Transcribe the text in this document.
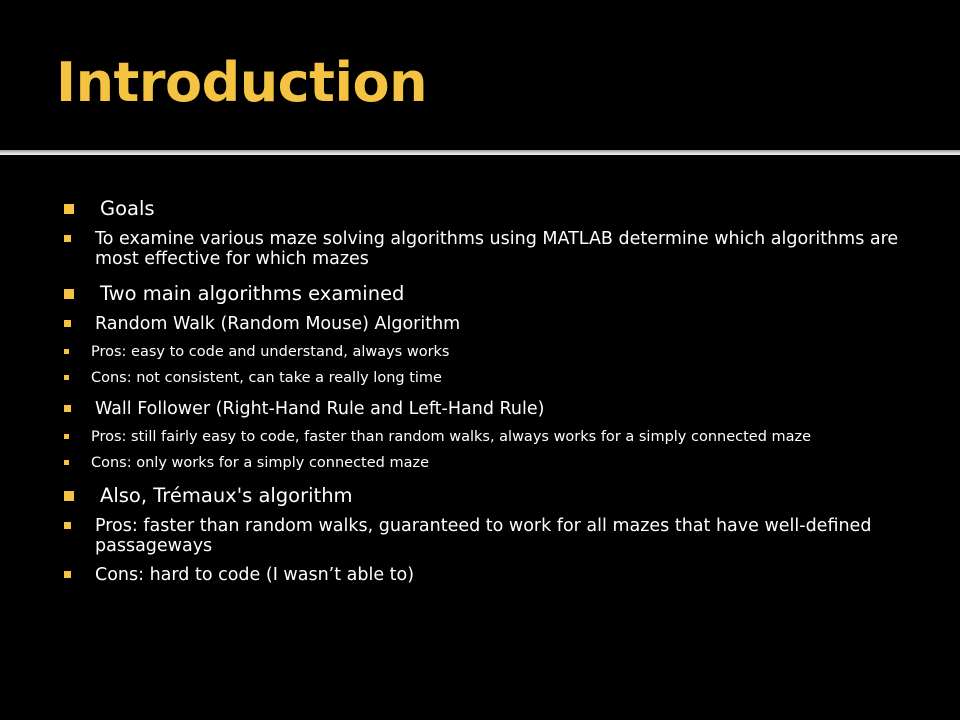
Introduction
Goals
To examine various maze solving algorithms using MATLAB determine which algorithms are most effective for which mazes
Two main algorithms examined
Random Walk (Random Mouse) Algorithm
Pros: easy to code and understand, always works
Cons: not consistent, can take a really long time
Wall Follower (Right-Hand Rule and Left-Hand Rule)
Pros: still fairly easy to code, faster than random walks, always works for a simply connected maze
Cons: only works for a simply connected maze
Also, Trémaux's algorithm
Pros: faster than random walks, guaranteed to work for all mazes that have well-defined passageways
Cons: hard to code (I wasn’t able to)
